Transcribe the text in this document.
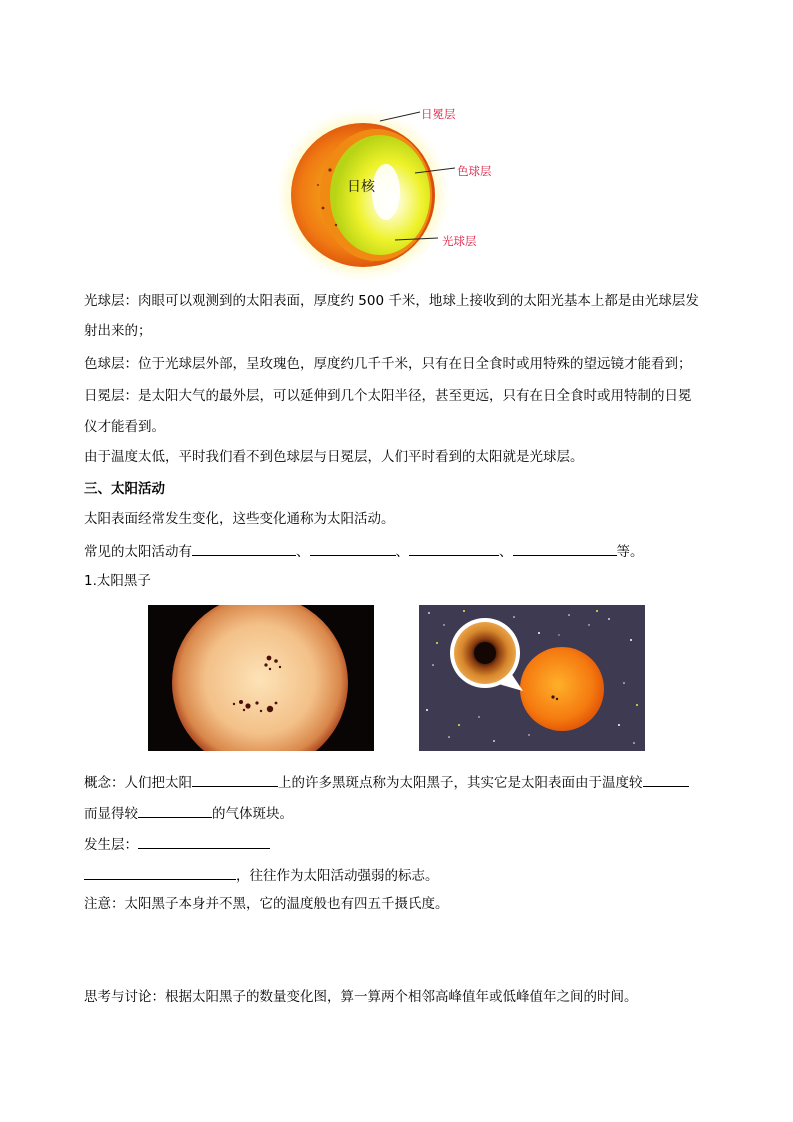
日核
日冕层
色球层
光球层
光球层：肉眼可以观测到的太阳表面，厚度约 500 千米，地球上接收到的太阳光基本上都是由光球层发
射出来的；
色球层：位于光球层外部，呈玫瑰色，厚度约几千千米，只有在日全食时或用特殊的望远镜才能看到；
日冕层：是太阳大气的最外层，可以延伸到几个太阳半径，甚至更远，只有在日全食时或用特制的日冕
仪才能看到。
由于温度太低，平时我们看不到色球层与日冕层，人们平时看到的太阳就是光球层。
三、太阳活动
太阳表面经常发生变化，这些变化通称为太阳活动。
常见的太阳活动有	、	、	、	等。
1.太阳黑子
概念：人们把太阳	上的许多黑斑点称为太阳黑子，其实它是太阳表面由于温度较
而显得较	的气体斑块。
发生层：
，往往作为太阳活动强弱的标志。
注意：太阳黑子本身并不黑，它的温度般也有四五千摄氏度。
思考与讨论：根据太阳黑子的数量变化图，算一算两个相邻高峰值年或低峰值年之间的时间。
